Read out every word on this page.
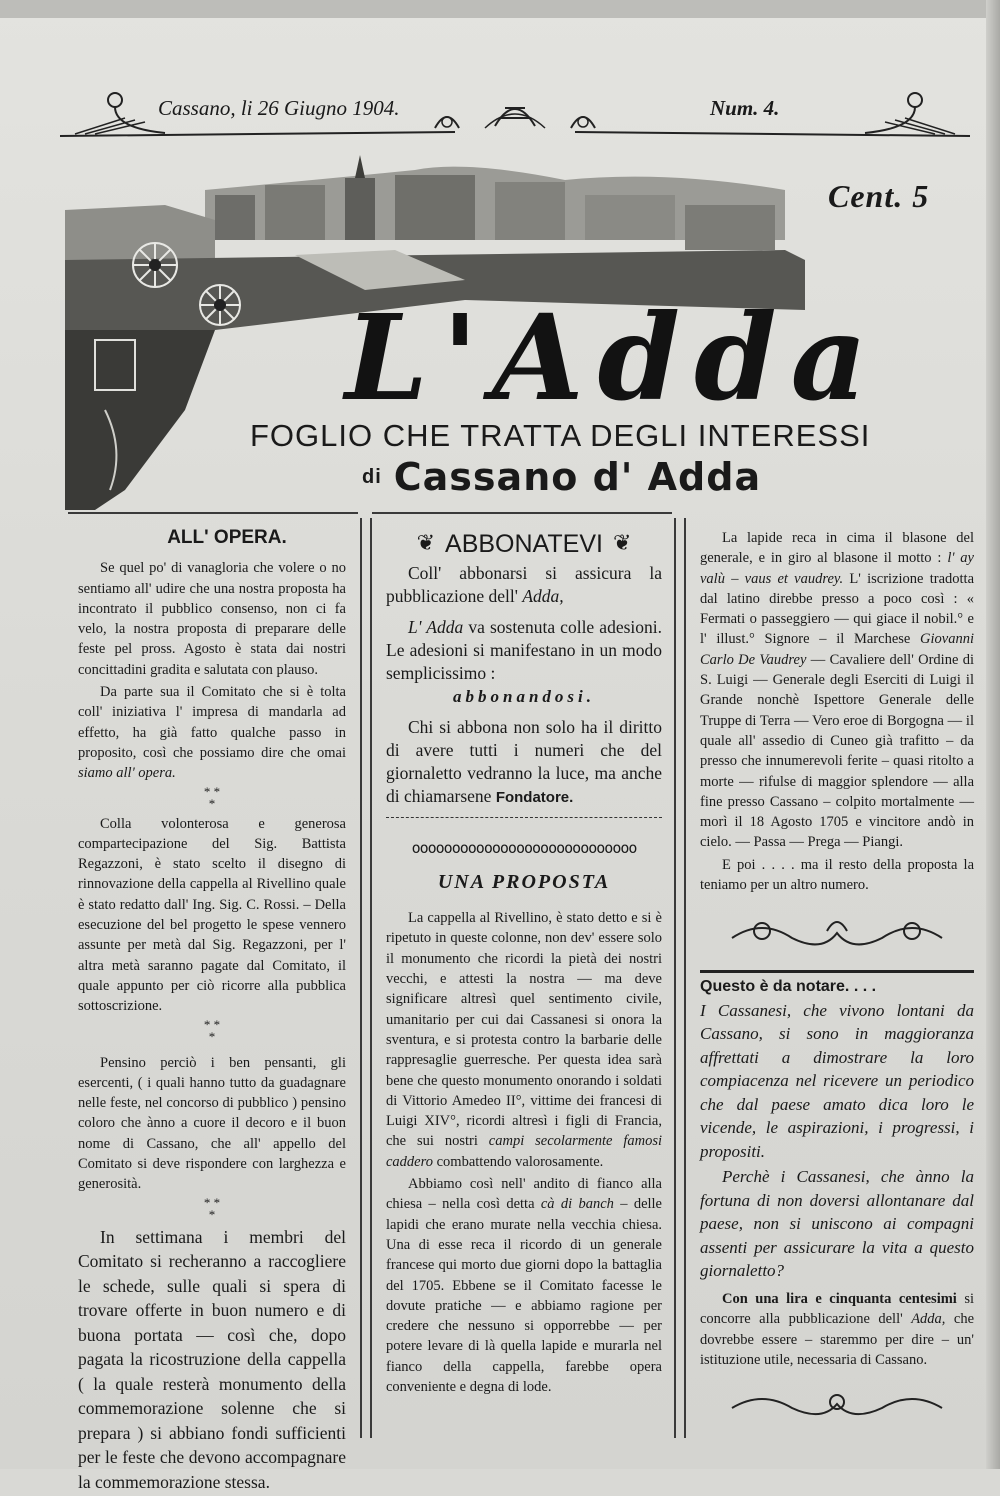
Cassano, li 26 Giugno 1904.	Num. 4.
Cent. 5
L'Adda
FOGLIO CHE TRATTA DEGLI INTERESSI
di Cassano d' Adda

ALL' OPERA.

Se quel po' di vanagloria che volere o no sentiamo all' udire che una nostra proposta ha incontrato il pubblico consenso, non ci fa velo, la nostra proposta di preparare delle feste pel pross. Agosto è stata dai nostri concittadini gradita e salutata con plauso.

Da parte sua il Comitato che si è tolta coll' iniziativa l' impresa di mandarla ad effetto, ha già fatto qualche passo in proposito, così che possiamo dire che omai siamo all' opera.

* *
*

Colla volonterosa e generosa compartecipazione del Sig. Battista Regazzoni, è stato scelto il disegno di rinnovazione della cappella al Rivellino quale è stato redatto dall' Ing. Sig. C. Rossi. – Della esecuzione del bel progetto le spese vennero assunte per metà dal Sig. Regazzoni, per l' altra metà saranno pagate dal Comitato, il quale appunto per ciò ricorre alla pubblica sottoscrizione.

* *
*

Pensino perciò i ben pensanti, gli esercenti, ( i quali hanno tutto da guadagnare nelle feste, nel concorso di pubblico ) pensino coloro che ànno a cuore il decoro e il buon nome di Cassano, che all' appello del Comitato si deve rispondere con larghezza e generosità.

* *
*

In settimana i membri del Comitato si recheranno a raccogliere le schede, sulle quali si spera di trovare offerte in buon numero e di buona portata — così che, dopo pagata la ricostruzione della cappella ( la quale resterà monumento della commemorazione solenne che si prepara ) si abbiano fondi sufficienti per le feste che devono accompagnare la commemorazione stessa.

❦ ABBONATEVI ❦

Coll' abbonarsi si assicura la pubblicazione dell' Adda,

L' Adda va sostenuta colle adesioni. Le adesioni si manifestano in un modo semplicissimo :

abbonandosi.

Chi si abbona non solo ha il diritto di avere tutti i numeri che del giornaletto vedranno la luce, ma anche di chiamarsene Fondatore.

oooooooooooooooooooooooooooo
UNA PROPOSTA

La cappella al Rivellino, è stato detto e si è ripetuto in queste colonne, non dev' essere solo il monumento che ricordi la pietà dei nostri vecchi, e attesti la nostra — ma deve significare altresì quel sentimento civile, umanitario per cui dai Cassanesi si onora la sventura, e si protesta contro la barbarie delle rappresaglie guerresche. Per questa idea sarà bene che questo monumento onorando i soldati di Vittorio Amedeo II°, vittime dei francesi di Luigi XIV°, ricordi altresì i figli di Francia, che sui nostri campi secolarmente famosi caddero combattendo valorosamente.

Abbiamo così nell' andito di fianco alla chiesa – nella così detta cà di banch – delle lapidi che erano murate nella vecchia chiesa. Una di esse reca il ricordo di un generale francese qui morto due giorni dopo la battaglia del 1705. Ebbene se il Comitato facesse le dovute pratiche — e abbiamo ragione per credere che nessuno si opporrebbe — per potere levare di là quella lapide e murarla nel fianco della cappella, farebbe opera conveniente e degna di lode.

La lapide reca in cima il blasone del generale, e in giro al blasone il motto : l' ay valù – vaus et vaudrey. L' iscrizione tradotta dal latino direbbe presso a poco così : « Fermati o passeggiero — qui giace il nobil.° e l' illust.° Signore – il Marchese Giovanni Carlo De Vaudrey — Cavaliere dell' Ordine di S. Luigi — Generale degli Eserciti di Luigi il Grande nonchè Ispettore Generale delle Truppe di Terra — Vero eroe di Borgogna — il quale all' assedio di Cuneo già trafitto – da presso che innumerevoli ferite – quasi ritolto a morte — rifulse di maggior splendore — alla fine presso Cassano – colpito mortalmente — morì il 18 Agosto 1705 e vincitore andò in cielo. — Passa — Prega — Piangi.

E poi . . . . ma il resto della proposta la teniamo per un altro numero.

Questo è da notare. . . .

I Cassanesi, che vivono lontani da Cassano, si sono in maggioranza affrettati a dimostrare la loro compiacenza nel ricevere un periodico che dal paese amato dica loro le vicende, le aspirazioni, i progressi, i propositi.

Perchè i Cassanesi, che ànno la fortuna di non doversi allontanare dal paese, non si uniscono ai compagni assenti per assicurare la vita a questo giornaletto?

Con una lira e cinquanta centesimi si concorre alla pubblicazione dell' Adda, che dovrebbe essere – staremmo per dire – un' istituzione utile, necessaria di Cassano.
